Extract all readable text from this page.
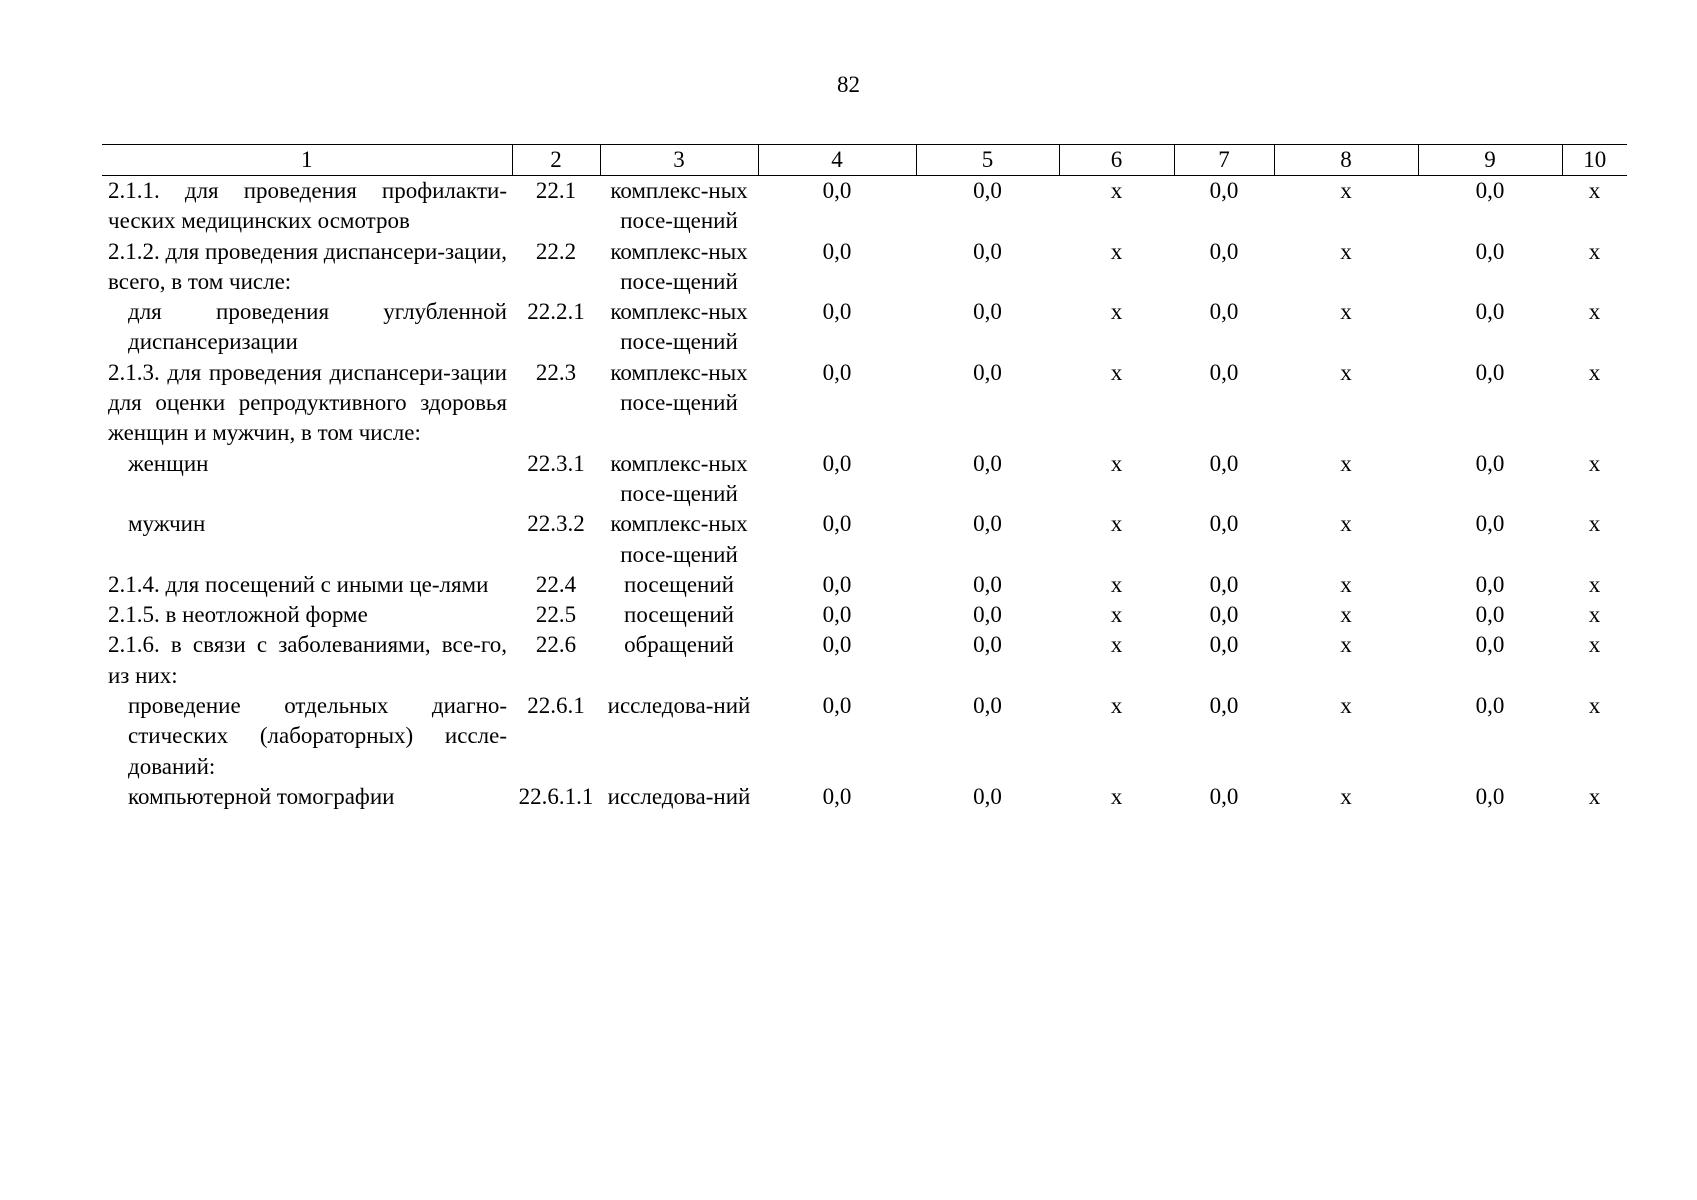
82
1	2	3	4	5	6	7	8	9	10
2.1.1. для проведения профилакти-ческих медицинских осмотров	22.1	комплекс-ных посе-щений	0,0	0,0	х	0,0	х	0,0	х
2.1.2. для проведения диспансери-зации, всего, в том числе:	22.2	комплекс-ных посе-щений	0,0	0,0	х	0,0	х	0,0	х
для проведения углубленной диспансеризации	22.2.1	комплекс-ных посе-щений	0,0	0,0	х	0,0	х	0,0	х
2.1.3. для проведения диспансери-зации для оценки репродуктивного здоровья женщин и мужчин, в том числе:	22.3	комплекс-ных посе-щений	0,0	0,0	х	0,0	х	0,0	х
женщин	22.3.1	комплекс-ных посе-щений	0,0	0,0	х	0,0	х	0,0	х
мужчин	22.3.2	комплекс-ных посе-щений	0,0	0,0	х	0,0	х	0,0	х
2.1.4. для посещений с иными це-лями	22.4	посещений	0,0	0,0	х	0,0	х	0,0	х
2.1.5. в неотложной форме	22.5	посещений	0,0	0,0	х	0,0	х	0,0	х
2.1.6. в связи с заболеваниями, все-го, из них:	22.6	обращений	0,0	0,0	х	0,0	х	0,0	х
проведение отдельных диагно-стических (лабораторных) иссле-дований:	22.6.1	исследова-ний	0,0	0,0	х	0,0	х	0,0	х
компьютерной томографии	22.6.1.1	исследова-ний	0,0	0,0	х	0,0	х	0,0	х
